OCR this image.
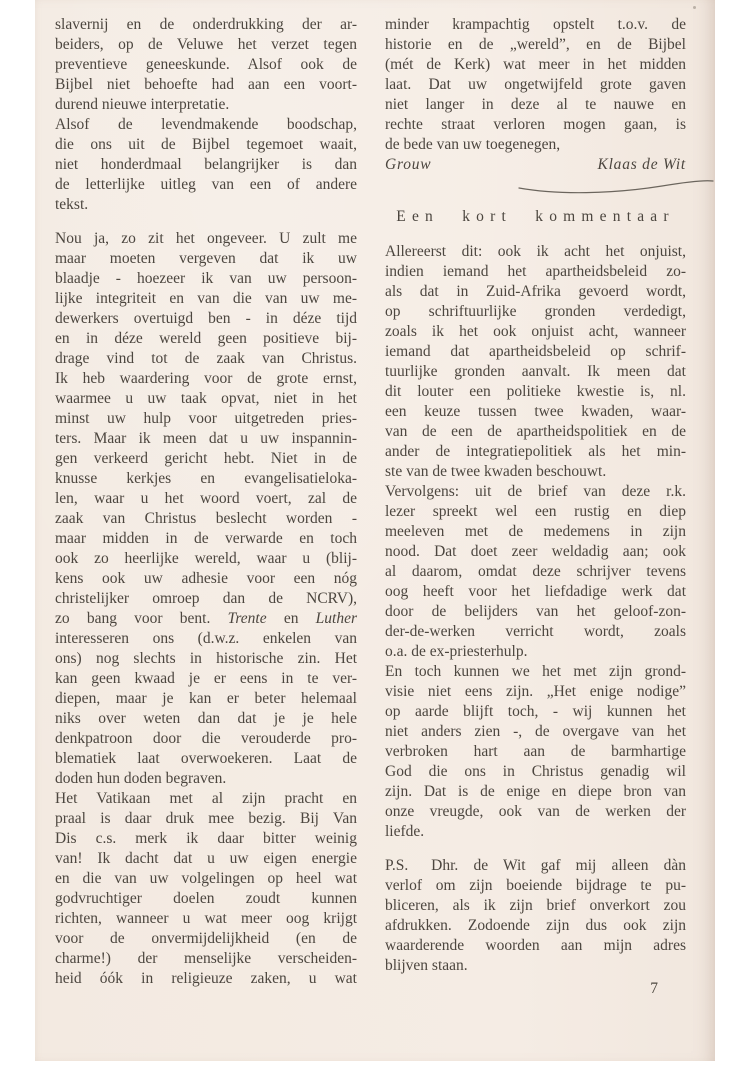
slavernij en de onderdrukking der ar-
beiders, op de Veluwe het verzet tegen
preventieve geneeskunde. Alsof ook de
Bijbel niet behoefte had aan een voort-
durend nieuwe interpretatie.
Alsof de levendmakende boodschap,
die ons uit de Bijbel tegemoet waait,
niet honderdmaal belangrijker is dan
de letterlijke uitleg van een of andere
tekst.
Nou ja, zo zit het ongeveer. U zult me
maar moeten vergeven dat ik uw
blaadje - hoezeer ik van uw persoon-
lijke integriteit en van die van uw me-
dewerkers overtuigd ben - in déze tijd
en in déze wereld geen positieve bij-
drage vind tot de zaak van Christus.
Ik heb waardering voor de grote ernst,
waarmee u uw taak opvat, niet in het
minst uw hulp voor uitgetreden pries-
ters. Maar ik meen dat u uw inspannin-
gen verkeerd gericht hebt. Niet in de
knusse kerkjes en evangelisatieloka-
len, waar u het woord voert, zal de
zaak van Christus beslecht worden -
maar midden in de verwarde en toch
ook zo heerlijke wereld, waar u (blij-
kens ook uw adhesie voor een nóg
christelijker omroep dan de NCRV),
zo bang voor bent. Trente en Luther
interesseren ons (d.w.z. enkelen van
ons) nog slechts in historische zin. Het
kan geen kwaad je er eens in te ver-
diepen, maar je kan er beter helemaal
niks over weten dan dat je je hele
denkpatroon door die verouderde pro-
blematiek laat overwoekeren. Laat de
doden hun doden begraven.
Het Vatikaan met al zijn pracht en
praal is daar druk mee bezig. Bij Van
Dis c.s. merk ik daar bitter weinig
van! Ik dacht dat u uw eigen energie
en die van uw volgelingen op heel wat
godvruchtiger doelen zoudt kunnen
richten, wanneer u wat meer oog krijgt
voor de onvermijdelijkheid (en de
charme!) der menselijke verscheiden-
heid óók in religieuze zaken, u wat
minder krampachtig opstelt t.o.v. de
historie en de „wereld”, en de Bijbel
(mét de Kerk) wat meer in het midden
laat. Dat uw ongetwijfeld grote gaven
niet langer in deze al te nauwe en
rechte straat verloren mogen gaan, is
de bede van uw toegenegen,
Grouw	Klaas de Wit
Een kort kommentaar
Allereerst dit: ook ik acht het onjuist,
indien iemand het apartheidsbeleid zo-
als dat in Zuid-Afrika gevoerd wordt,
op schriftuurlijke gronden verdedigt,
zoals ik het ook onjuist acht, wanneer
iemand dat apartheidsbeleid op schrif-
tuurlijke gronden aanvalt. Ik meen dat
dit louter een politieke kwestie is, nl.
een keuze tussen twee kwaden, waar-
van de een de apartheidspolitiek en de
ander de integratiepolitiek als het min-
ste van de twee kwaden beschouwt.
Vervolgens: uit de brief van deze r.k.
lezer spreekt wel een rustig en diep
meeleven met de medemens in zijn
nood. Dat doet zeer weldadig aan; ook
al daarom, omdat deze schrijver tevens
oog heeft voor het liefdadige werk dat
door de belijders van het geloof-zon-
der-de-werken verricht wordt, zoals
o.a. de ex-priesterhulp.
En toch kunnen we het met zijn grond-
visie niet eens zijn. „Het enige nodige”
op aarde blijft toch, - wij kunnen het
niet anders zien -, de overgave van het
verbroken hart aan de barmhartige
God die ons in Christus genadig wil
zijn. Dat is de enige en diepe bron van
onze vreugde, ook van de werken der
liefde.
P.S.  Dhr. de Wit gaf mij alleen dàn
verlof om zijn boeiende bijdrage te pu-
bliceren, als ik zijn brief onverkort zou
afdrukken. Zodoende zijn dus ook zijn
waarderende woorden aan mijn adres
blijven staan.
7
